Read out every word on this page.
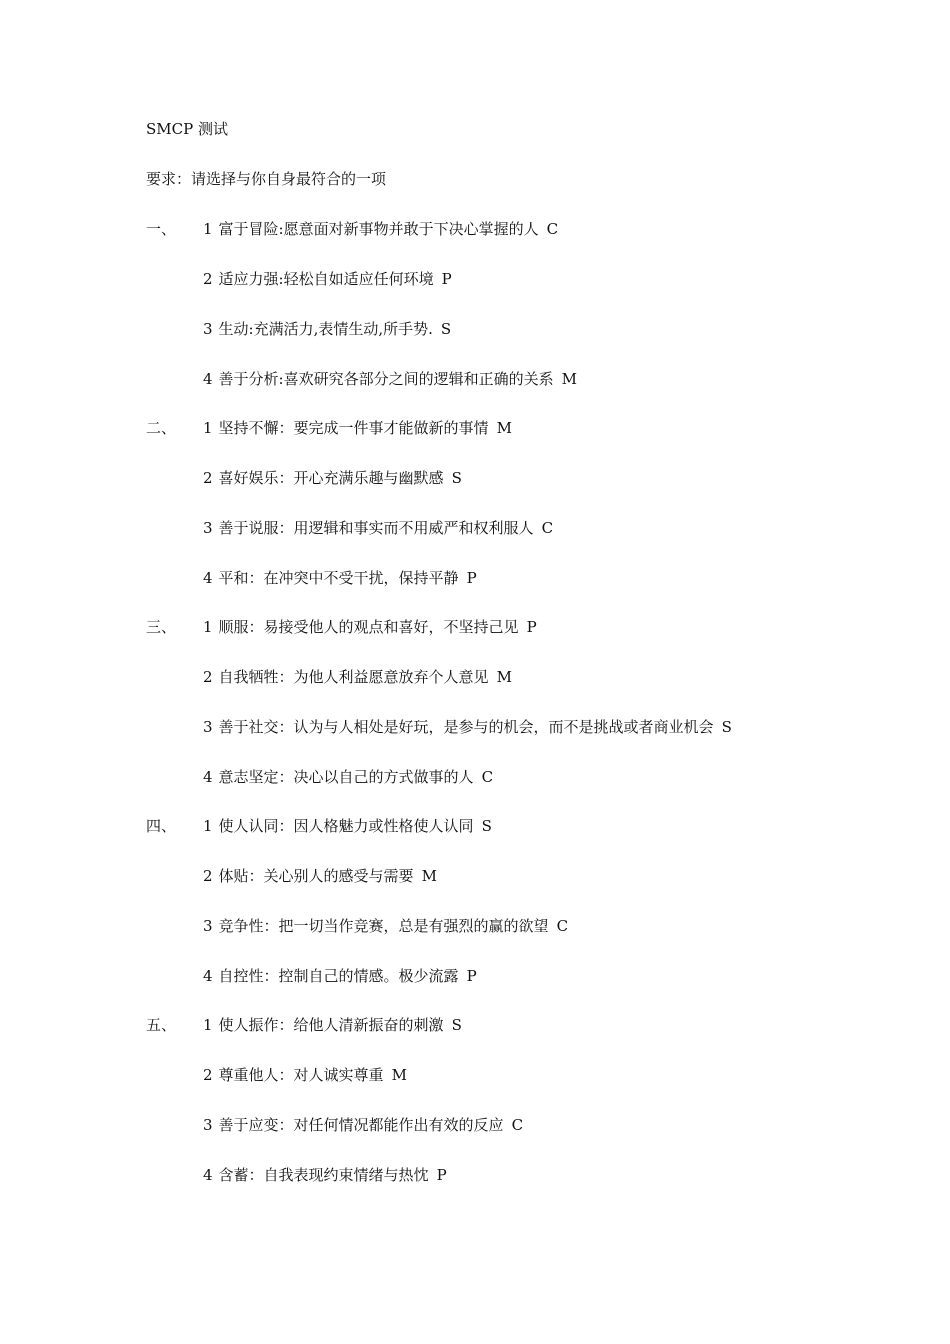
SMCP 测试
要求：请选择与你自身最符合的一项
一、 1 富于冒险:愿意面对新事物并敢于下决心掌握的人 C
2 适应力强:轻松自如适应任何环境 P
3 生动:充满活力,表情生动,所手势. S
4 善于分析:喜欢研究各部分之间的逻辑和正确的关系 M
二、 1 坚持不懈：要完成一件事才能做新的事情 M
2 喜好娱乐：开心充满乐趣与幽默感 S
3 善于说服：用逻辑和事实而不用威严和权利服人 C
4 平和：在冲突中不受干扰，保持平静 P
三、 1 顺服：易接受他人的观点和喜好，不坚持己见 P
2 自我牺牲：为他人利益愿意放弃个人意见 M
3 善于社交：认为与人相处是好玩，是参与的机会，而不是挑战或者商业机会 S
4 意志坚定：决心以自己的方式做事的人 C
四、 1 使人认同：因人格魅力或性格使人认同 S
2 体贴：关心别人的感受与需要 M
3 竞争性：把一切当作竞赛，总是有强烈的赢的欲望 C
4 自控性：控制自己的情感。极少流露 P
五、 1 使人振作：给他人清新振奋的刺激 S
2 尊重他人：对人诚实尊重 M
3 善于应变：对任何情况都能作出有效的反应 C
4 含蓄：自我表现约束情绪与热忱 P
